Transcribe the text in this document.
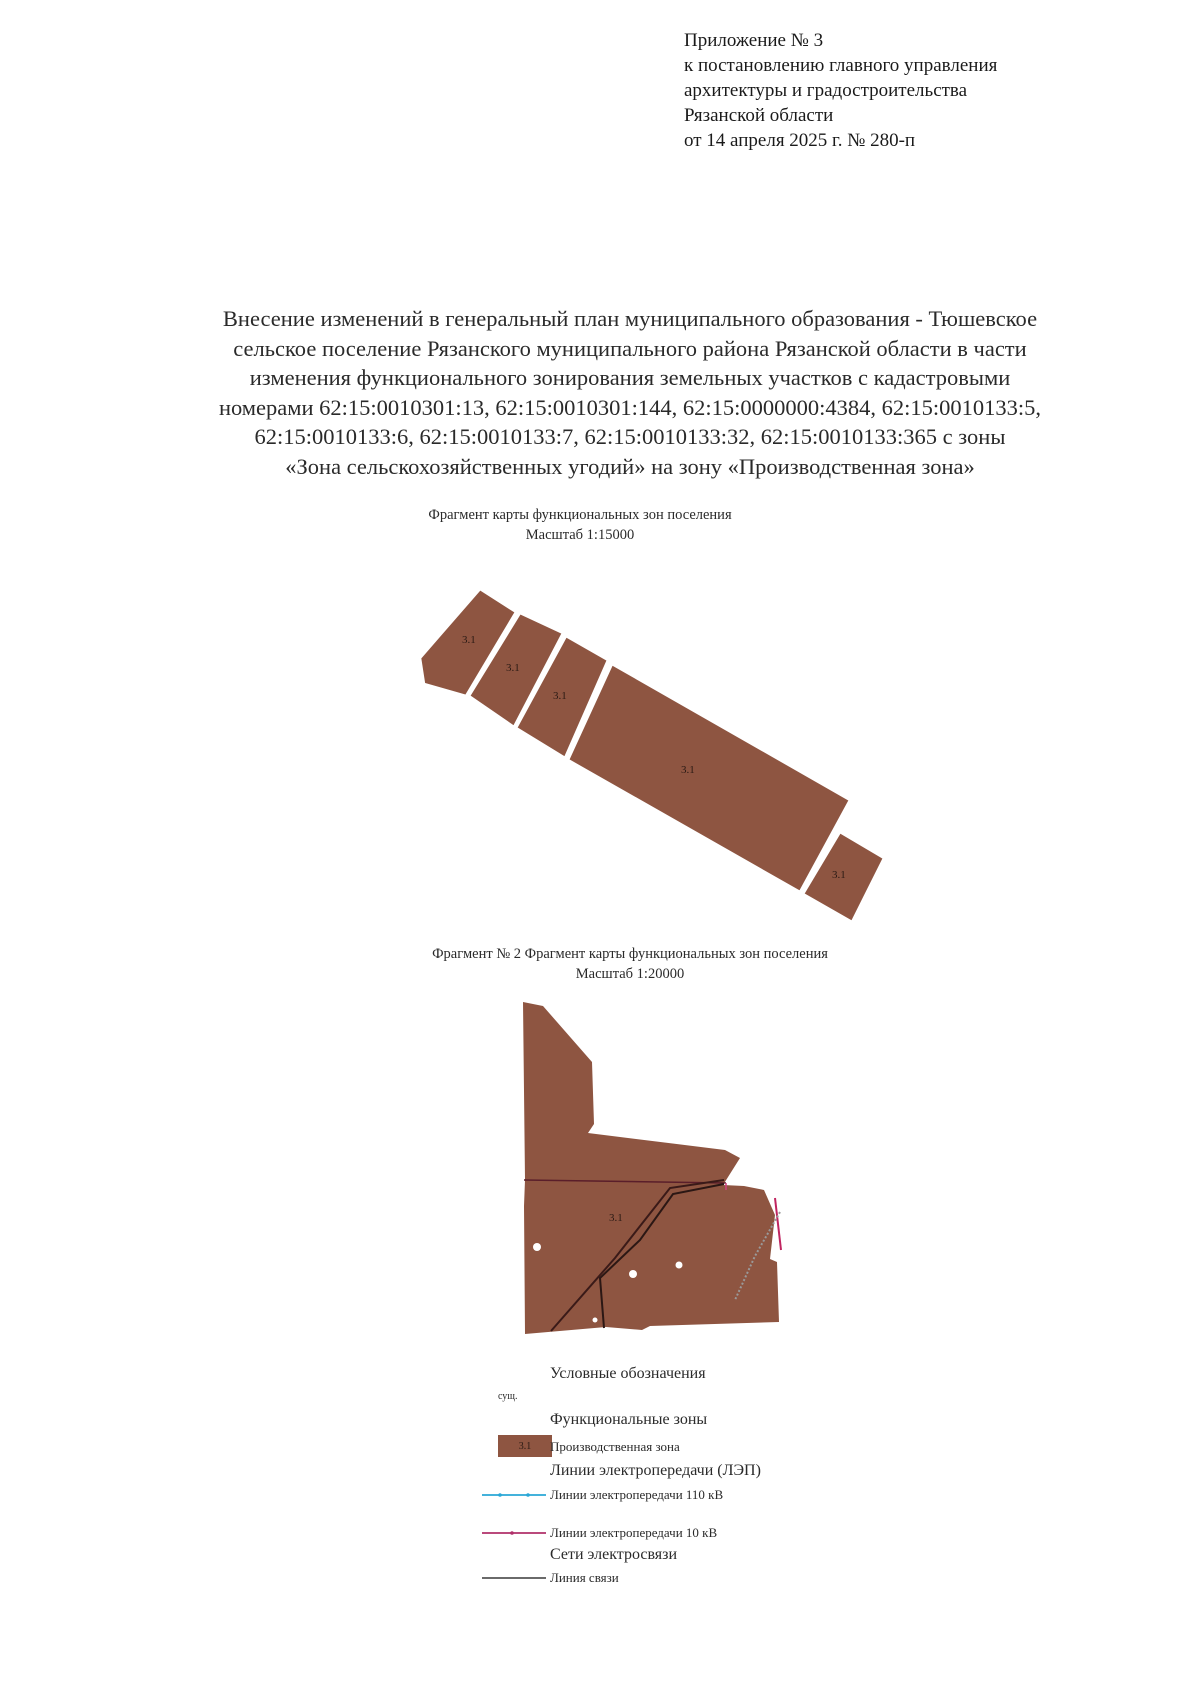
Приложение № 3
к постановлению главного управления
архитектуры и градостроительства
Рязанской области
от 14 апреля 2025 г. № 280-п
Внесение изменений в генеральный план муниципального образования - Тюшевское
сельское поселение Рязанского муниципального района Рязанской области в части
изменения функционального зонирования земельных участков с кадастровыми
номерами 62:15:0010301:13, 62:15:0010301:144, 62:15:0000000:4384, 62:15:0010133:5,
62:15:0010133:6, 62:15:0010133:7, 62:15:0010133:32, 62:15:0010133:365 с зоны
«Зона сельскохозяйственных угодий» на зону «Производственная зона»
Фрагмент карты функциональных зон поселения
Масштаб 1:15000
3.1
3.1
3.1
3.1
3.1
3.1
Фрагмент № 2 Фрагмент карты функциональных зон поселения
Масштаб 1:20000
Условные обозначения
сущ.
Функциональные зоны
3.1 Производственная зона
Линии электропередачи (ЛЭП)
Линии электропередачи 110 кВ
Линии электропередачи 10 кВ
Сети электросвязи
Линия связи
